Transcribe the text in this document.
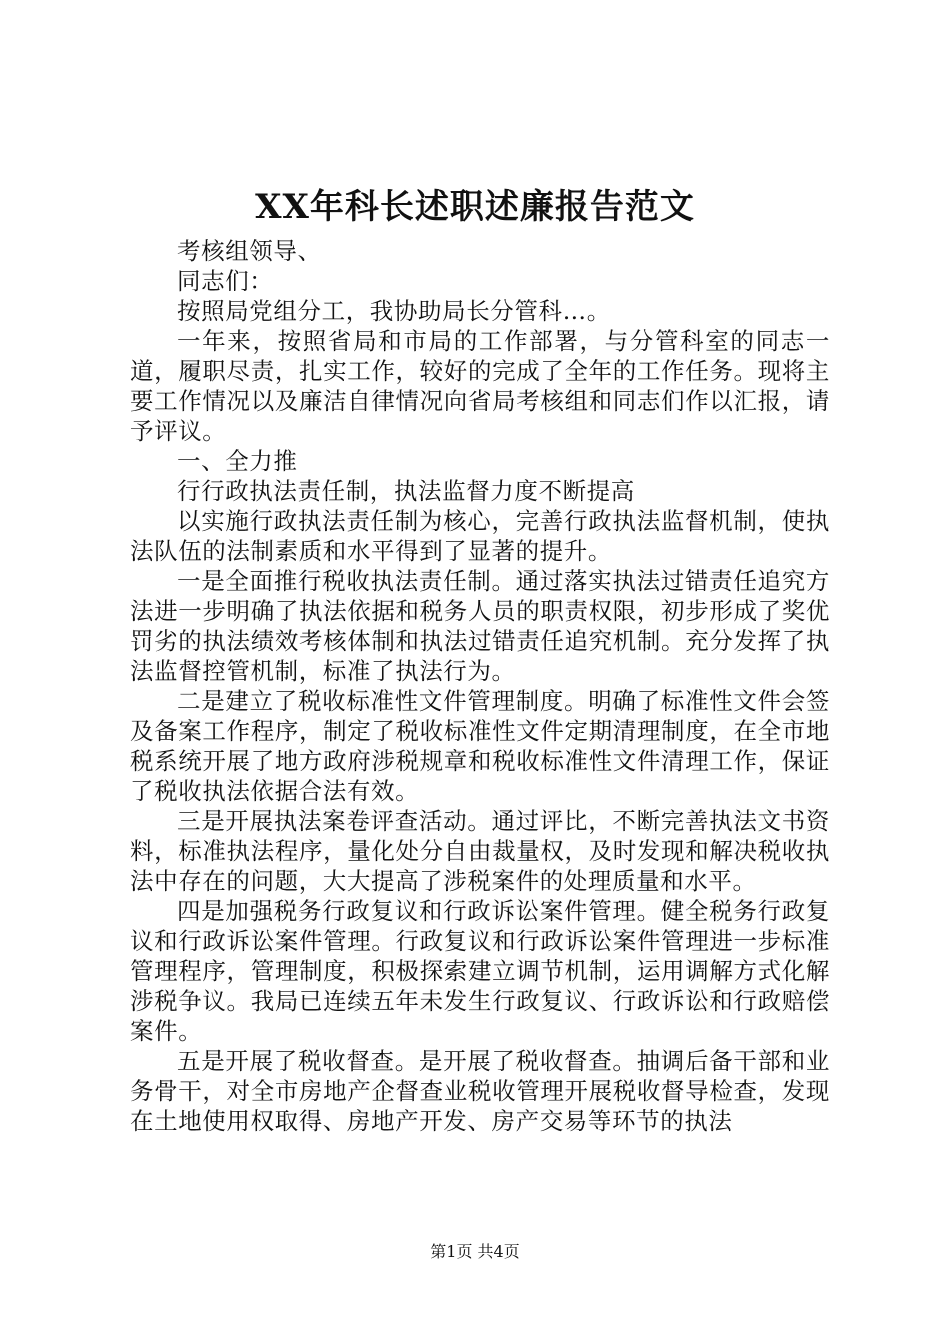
XX年科长述职述廉报告范文

考核组领导、

同志们：

按照局党组分工，我协助局长分管科…。

一年来，按照省局和市局的工作部署，与分管科室的同志一道，履职尽责，扎实工作，较好的完成了全年的工作任务。现将主要工作情况以及廉洁自律情况向省局考核组和同志们作以汇报，请予评议。

一、全力推

行行政执法责任制，执法监督力度不断提高

以实施行政执法责任制为核心，完善行政执法监督机制，使执法队伍的法制素质和水平得到了显著的提升。

一是全面推行税收执法责任制。通过落实执法过错责任追究方法进一步明确了执法依据和税务人员的职责权限，初步形成了奖优罚劣的执法绩效考核体制和执法过错责任追究机制。充分发挥了执法监督控管机制，标准了执法行为。

二是建立了税收标准性文件管理制度。明确了标准性文件会签及备案工作程序，制定了税收标准性文件定期清理制度，在全市地税系统开展了地方政府涉税规章和税收标准性文件清理工作，保证了税收执法依据合法有效。

三是开展执法案卷评查活动。通过评比，不断完善执法文书资料，标准执法程序，量化处分自由裁量权，及时发现和解决税收执法中存在的问题，大大提高了涉税案件的处理质量和水平。

四是加强税务行政复议和行政诉讼案件管理。健全税务行政复议和行政诉讼案件管理。行政复议和行政诉讼案件管理进一步标准管理程序，管理制度，积极探索建立调节机制，运用调解方式化解涉税争议。我局已连续五年未发生行政复议、行政诉讼和行政赔偿案件。

五是开展了税收督查。是开展了税收督查。抽调后备干部和业务骨干，对全市房地产企督查业税收管理开展税收督导检查，发现在土地使用权取得、房地产开发、房产交易等环节的执法

第1页 共4页
